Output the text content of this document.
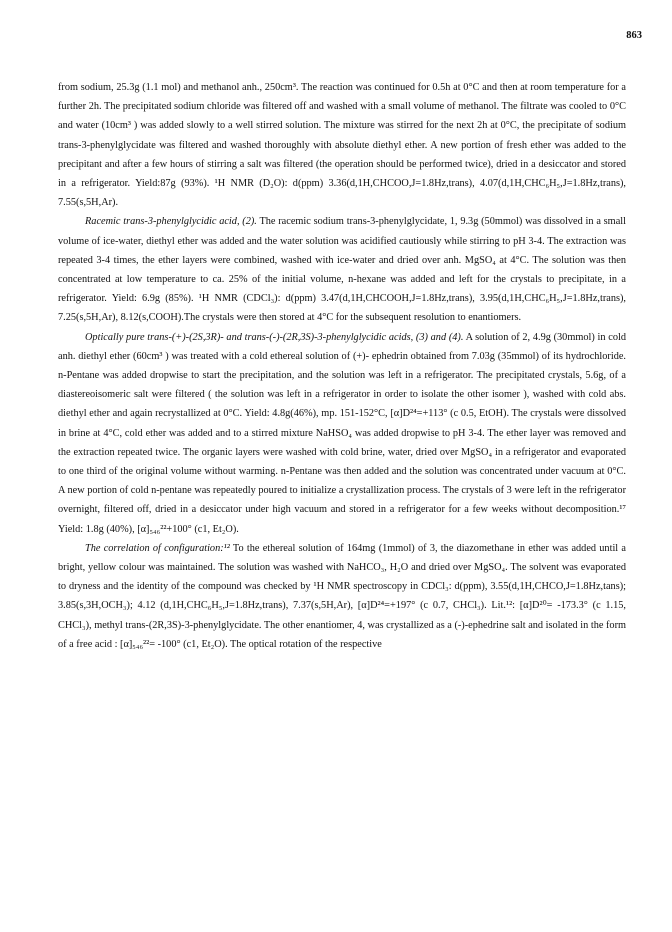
863

from sodium, 25.3g (1.1 mol) and methanol anh., 250cm³. The reaction was continued for 0.5h at 0°C and then at room temperature for a further 2h. The precipitated sodium chloride was filtered off and washed with a small volume of methanol. The filtrate was cooled to 0°C and water (10cm³ ) was added slowly to a well stirred solution. The mixture was stirred for the next 2h at 0°C, the precipitate of sodium trans-3-phenylglycidate was filtered and washed thoroughly with absolute diethyl ether. A new portion of fresh ether was added to the precipitant and after a few hours of stirring a salt was filtered (the operation should be performed twice), dried in a desiccator and stored in a refrigerator. Yield:87g (93%). ¹H NMR (D₂O): d(ppm) 3.36(d,1H,CHCOO,J=1.8Hz,trans), 4.07(d,1H,CHC₆H₅,J=1.8Hz,trans), 7.55(s,5H,Ar).

Racemic trans-3-phenylglycidic acid, (2). The racemic sodium trans-3-phenylglycidate, 1, 9.3g (50mmol) was dissolved in a small volume of ice-water, diethyl ether was added and the water solution was acidified cautiously while stirring to pH 3-4. The extraction was repeated 3-4 times, the ether layers were combined, washed with ice-water and dried over anh. MgSO₄ at 4°C. The solution was then concentrated at low temperature to ca. 25% of the initial volume, n-hexane was added and left for the crystals to precipitate, in a refrigerator. Yield: 6.9g (85%). ¹H NMR (CDCl₃): d(ppm) 3.47(d,1H,CHCOOH,J=1.8Hz,trans), 3.95(d,1H,CHC₆H₅,J=1.8Hz,trans), 7.25(s,5H,Ar), 8.12(s,COOH).The crystals were then stored at 4°C for the subsequent resolution to enantiomers.

Optically pure trans-(+)-(2S,3R)- and trans-(-)-(2R,3S)-3-phenylglycidic acids, (3) and (4). A solution of 2, 4.9g (30mmol) in cold anh. diethyl ether (60cm³ ) was treated with a cold ethereal solution of (+)- ephedrin obtained from 7.03g (35mmol) of its hydrochloride. n-Pentane was added dropwise to start the precipitation, and the solution was left in a refrigerator. The precipitated crystals, 5.6g, of a diastereoisomeric salt were filtered ( the solution was left in a refrigerator in order to isolate the other isomer ), washed with cold abs. diethyl ether and again recrystallized at 0°C. Yield: 4.8g(46%), mp. 151-152°C, [α]D²⁴=+113° (c 0.5, EtOH). The crystals were dissolved in brine at 4°C, cold ether was added and to a stirred mixture NaHSO₄ was added dropwise to pH 3-4. The ether layer was removed and the extraction repeated twice. The organic layers were washed with cold brine, water, dried over MgSO₄ in a refrigerator and evaporated to one third of the original volume without warming. n-Pentane was then added and the solution was concentrated under vacuum at 0°C. A new portion of cold n-pentane was repeatedly poured to initialize a crystallization process. The crystals of 3 were left in the refrigerator overnight, filtered off, dried in a desiccator under high vacuum and stored in a refrigerator for a few weeks without decomposition.¹⁷ Yield: 1.8g (40%), [α]₅₄₆²²+100° (c1, Et₂O).

The correlation of configuration:¹² To the ethereal solution of 164mg (1mmol) of 3, the diazomethane in ether was added until a bright, yellow colour was maintained. The solution was washed with NaHCO₃, H₂O and dried over MgSO₄. The solvent was evaporated to dryness and the identity of the compound was checked by ¹H NMR spectroscopy in CDCl₃: d(ppm), 3.55(d,1H,CHCO,J=1.8Hz,tans); 3.85(s,3H,OCH₃); 4.12 (d,1H,CHC₆H₅,J=1.8Hz,trans), 7.37(s,5H,Ar), [α]D²⁴=+197° (c 0.7, CHCl₃). Lit.¹²: [α]D²⁰= -173.3° (c 1.15, CHCl₃), methyl trans-(2R,3S)-3-phenylglycidate. The other enantiomer, 4, was crystallized as a (-)-ephedrine salt and isolated in the form of a free acid : [α]₅₄₆²²= -100° (c1, Et₂O). The optical rotation of the respective
